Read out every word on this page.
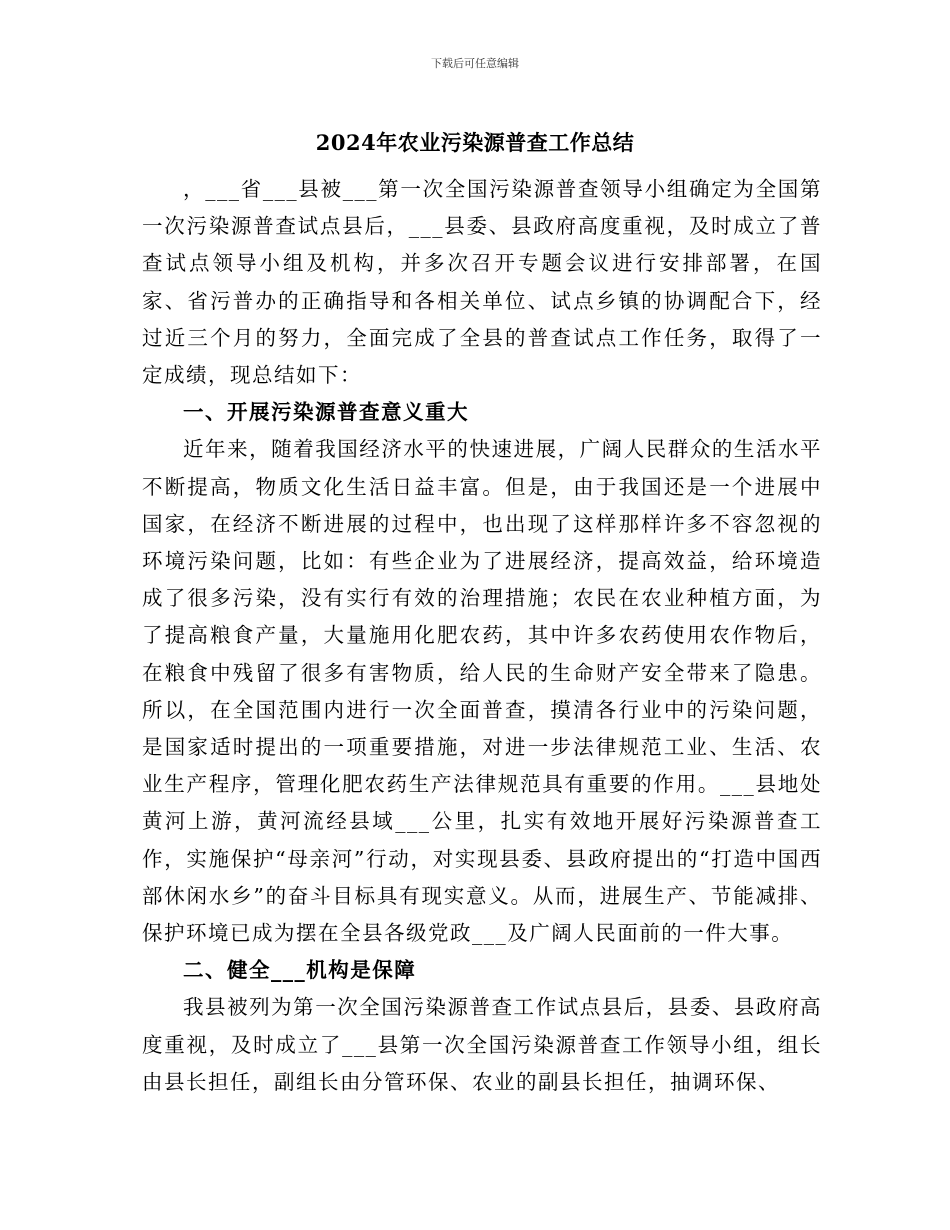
下载后可任意编辑
2024年农业污染源普查工作总结

，___省___县被___第一次全国污染源普查领导小组确定为全国第一次污染源普查试点县后，___县委、县政府高度重视，及时成立了普查试点领导小组及机构，并多次召开专题会议进行安排部署，在国家、省污普办的正确指导和各相关单位、试点乡镇的协调配合下，经过近三个月的努力，全面完成了全县的普查试点工作任务，取得了一定成绩，现总结如下：

一、开展污染源普查意义重大

近年来，随着我国经济水平的快速进展，广阔人民群众的生活水平不断提高，物质文化生活日益丰富。但是，由于我国还是一个进展中国家，在经济不断进展的过程中，也出现了这样那样许多不容忽视的环境污染问题，比如：有些企业为了进展经济，提高效益，给环境造成了很多污染，没有实行有效的治理措施；农民在农业种植方面，为了提高粮食产量，大量施用化肥农药，其中许多农药使用农作物后，在粮食中残留了很多有害物质，给人民的生命财产安全带来了隐患。所以，在全国范围内进行一次全面普查，摸清各行业中的污染问题，是国家适时提出的一项重要措施，对进一步法律规范工业、生活、农业生产程序，管理化肥农药生产法律规范具有重要的作用。___县地处黄河上游，黄河流经县域___公里，扎实有效地开展好污染源普查工作，实施保护“母亲河”行动，对实现县委、县政府提出的“打造中国西部休闲水乡”的奋斗目标具有现实意义。从而，进展生产、节能减排、保护环境已成为摆在全县各级党政___及广阔人民面前的一件大事。

二、健全___机构是保障

我县被列为第一次全国污染源普查工作试点县后，县委、县政府高度重视，及时成立了___县第一次全国污染源普查工作领导小组，组长由县长担任，副组长由分管环保、农业的副县长担任，抽调环保、
